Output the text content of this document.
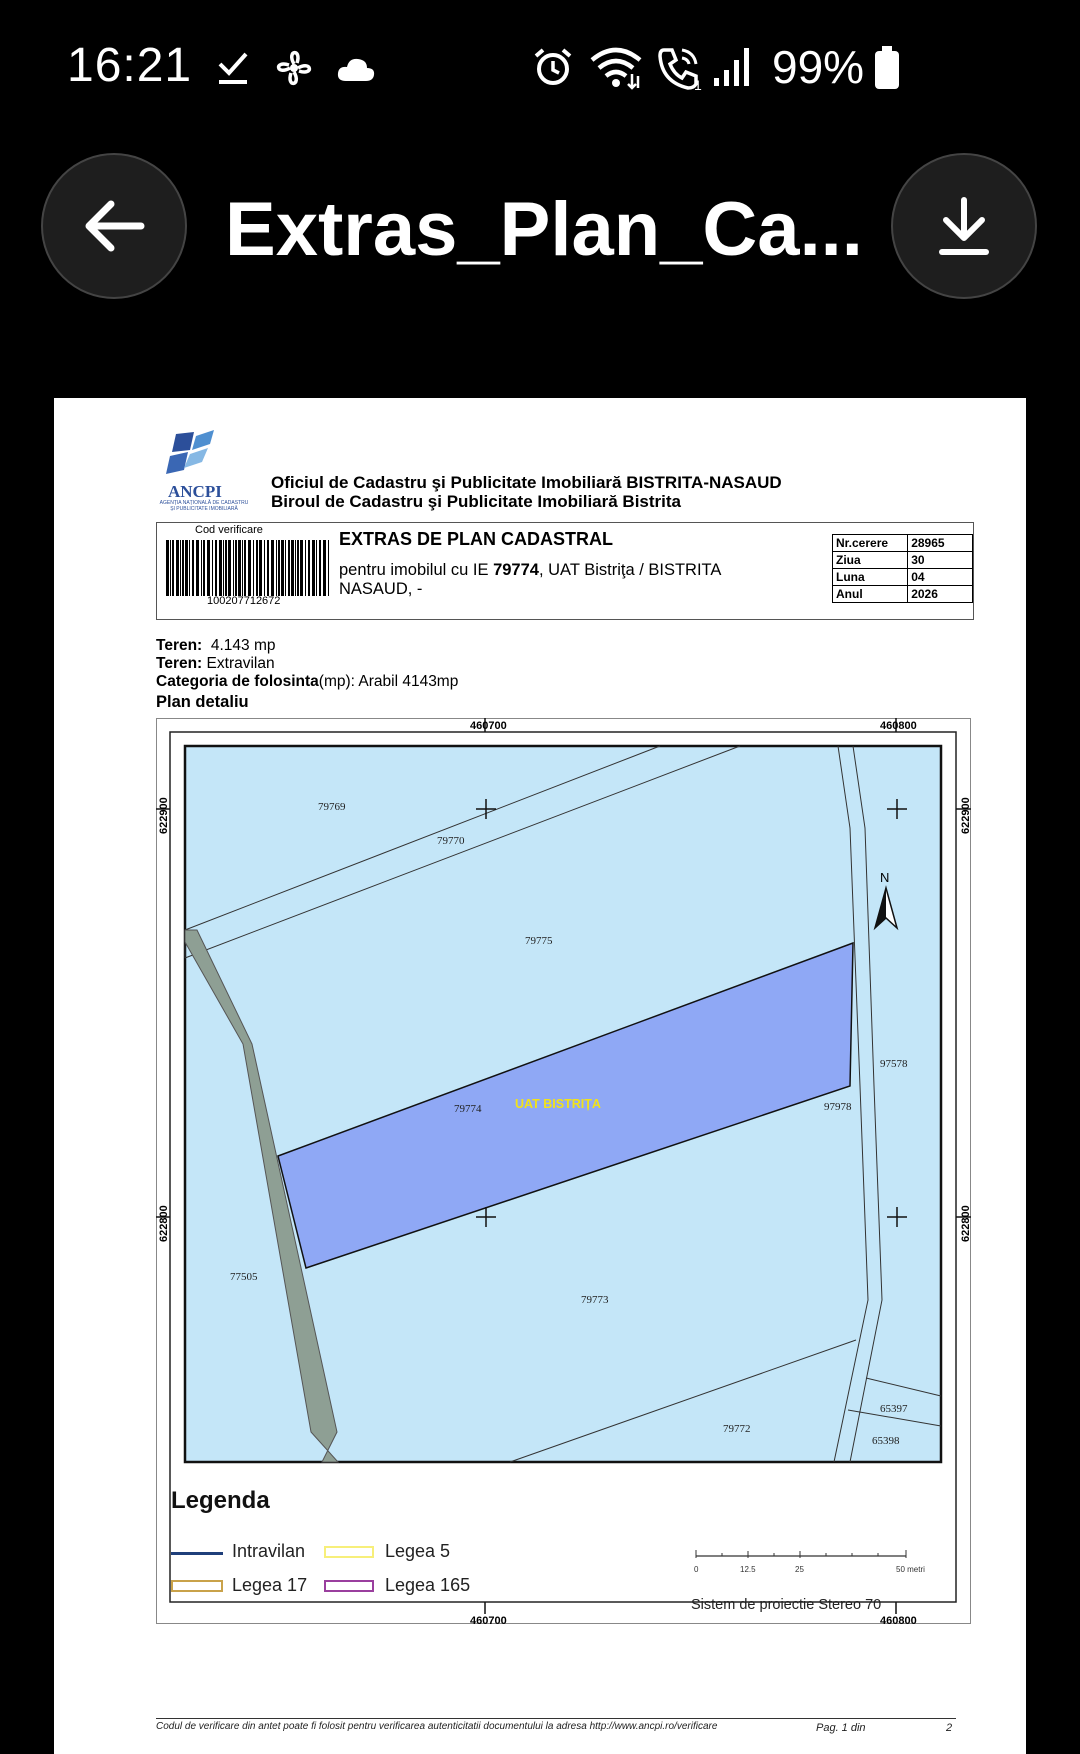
16:21	1 99%
Extras_Plan_Ca...
ANCPI
AGENȚIA NAȚIONALĂ DE CADASTRU ȘI PUBLICITATE IMOBILIARĂ
Oficiul de Cadastru şi Publicitate Imobiliară BISTRITA-NASAUD
Biroul de Cadastru şi Publicitate Imobiliară Bistrita
Cod verificare
100207712672
EXTRAS DE PLAN CADASTRAL
pentru imobilul cu IE 79774, UAT Bistriţa / BISTRITA NASAUD, -
Nr.cerere	28965
Ziua	30
Luna	04
Anul	2026
Teren: 4.143 mp
Teren: Extravilan
Categoria de folosinta(mp): Arabil 4143mp
Plan detaliu
N
460700	460800
460700	460800
622900
622800
622900
622800
79769
79770
79775
79774	97978
97578
77505
79773
79772
65397
65398
UAT BISTRIȚA
Legenda
Intravilan	Legea 5
Legea 17	Legea 165
0	12.5	25	50 metri
Sistem de proiectie Stereo 70
Codul de verificare din antet poate fi folosit pentru verificarea autenticitatii documentului la adresa http://www.ancpi.ro/verificare	Pag. 1 din	2
